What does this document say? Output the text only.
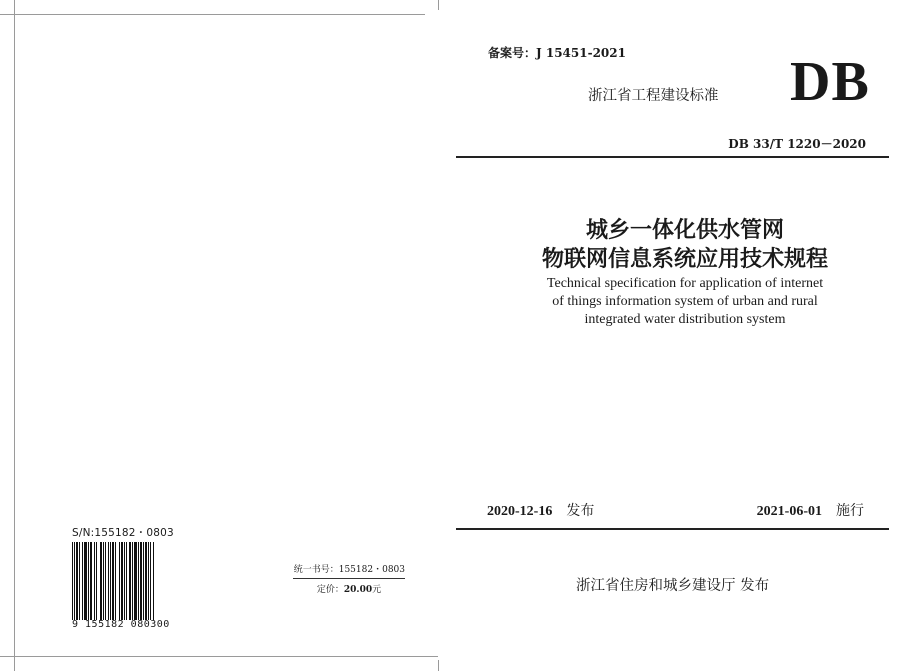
S/N:155182・0803
9 155182 080300
统一书号：155182・0803
定价：20.00元
备案号：J 15451-2021
浙江省工程建设标准 DB
DB 33/T 1220－2020
城乡一体化供水管网
物联网信息系统应用技术规程
Technical specification for application of internet
of things information system of urban and rural
integrated water distribution system
2020-12-16 发布	2021-06-01 施行
浙江省住房和城乡建设厅 发布
